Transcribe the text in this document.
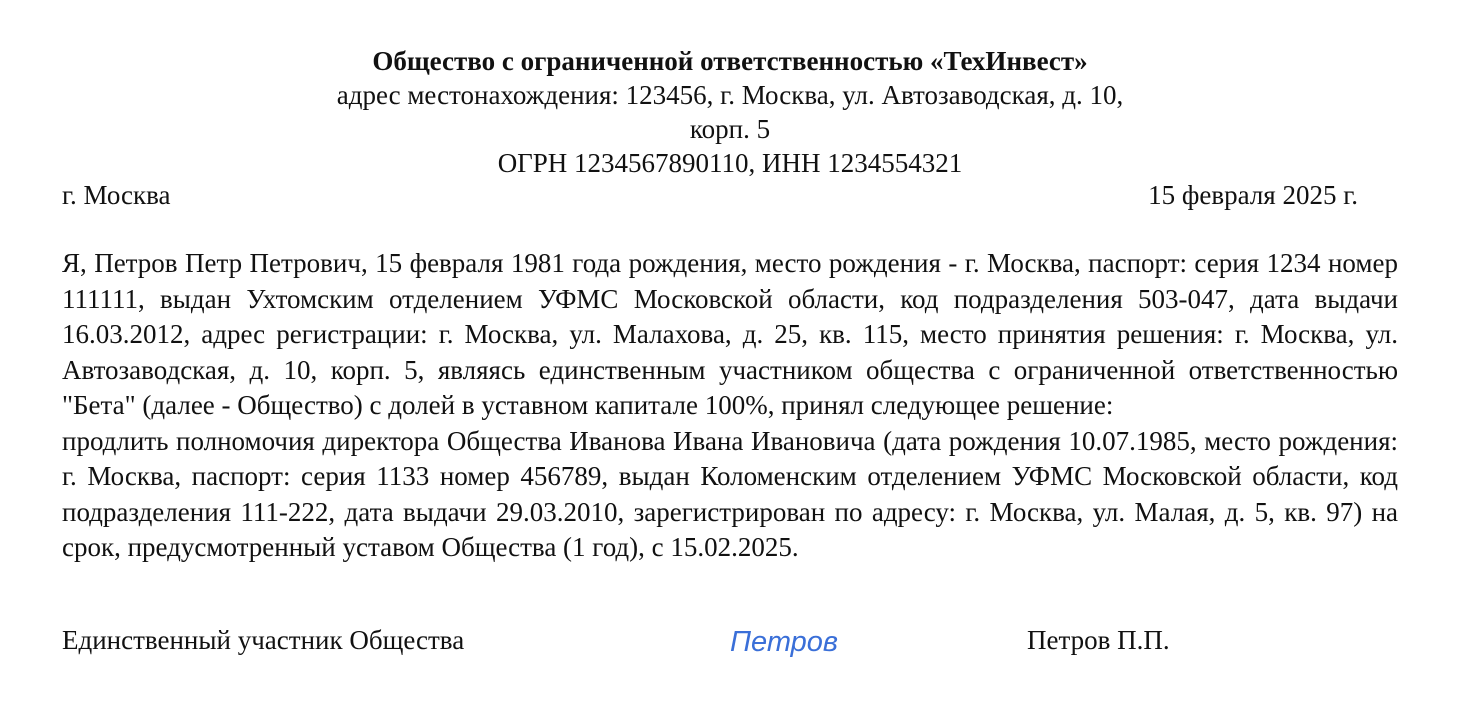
Общество с ограниченной ответственностью «ТехИнвест»
адрес местонахождения: 123456, г. Москва, ул. Автозаводская, д. 10,
корп. 5
ОГРН 1234567890110, ИНН 1234554321
г. Москва	15 февраля 2025 г.

Я, Петров Петр Петрович, 15 февраля 1981 года рождения, место рождения - г. Москва, паспорт: серия 1234 номер 111111, выдан Ухтомским отделением УФМС Московской области, код подразделения 503-047, дата выдачи 16.03.2012, адрес регистрации: г. Москва, ул. Малахова, д. 25, кв. 115, место принятия решения: г. Москва, ул. Автозаводская, д. 10, корп. 5, являясь единственным участником общества с ограниченной ответственностью "Бета" (далее - Общество) с долей в уставном капитале 100%, принял следующее решение:

продлить полномочия директора Общества Иванова Ивана Ивановича (дата рождения 10.07.1985, место рождения: г. Москва, паспорт: серия 1133 номер 456789, выдан Коломенским отделением УФМС Московской области, код подразделения 111-222, дата выдачи 29.03.2010, зарегистрирован по адресу: г. Москва, ул. Малая, д. 5, кв. 97) на срок, предусмотренный уставом Общества (1 год), с 15.02.2025.

Единственный участник Общества	Петров	Петров П.П.
